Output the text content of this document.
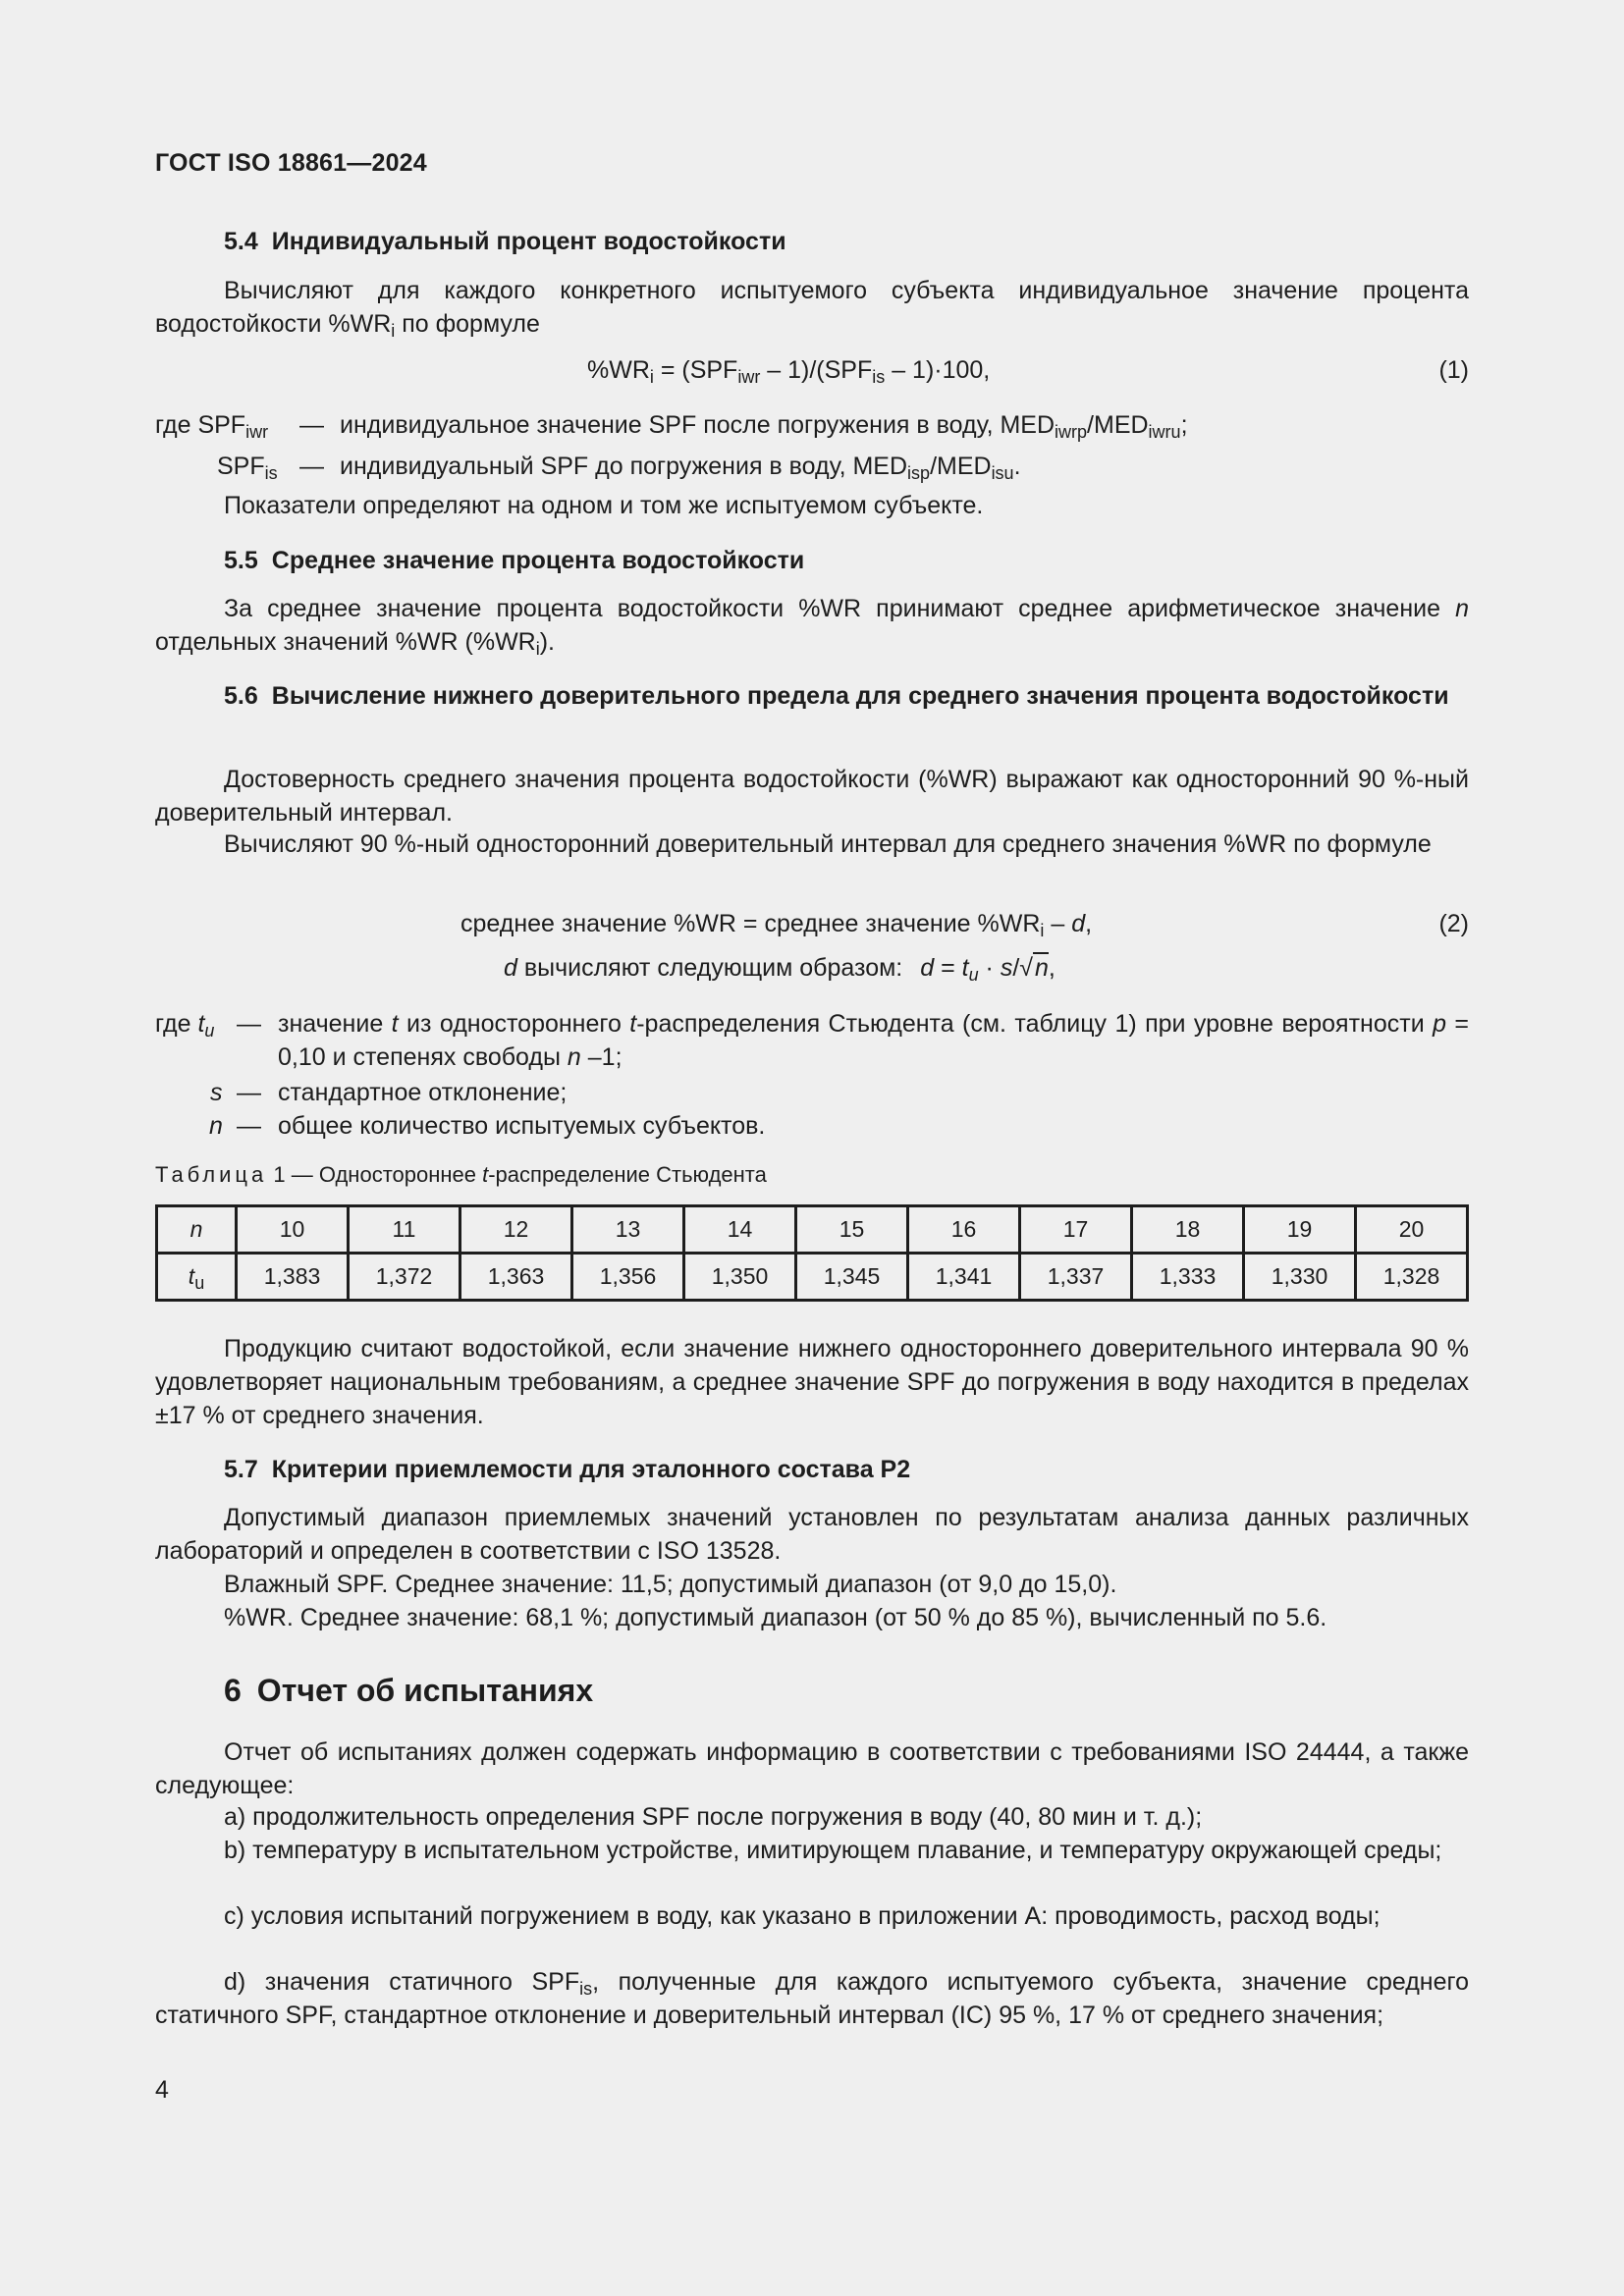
ГОСТ ISO 18861—2024
5.4 Индивидуальный процент водостойкости

Вычисляют для каждого конкретного испытуемого субъекта индивидуальное значение процента водостойкости $\%WR_i$ по формуле

$\%WR_i = (SPF_{iwr} - 1)/(SPF_{is} - 1)\cdot 100$,	(1)
где $SPF_{iwr}$ — индивидуальное значение SPF после погружения в воду, $MED_{iwrp}/MED_{iwru}$;
$SPF_{is}$ — индивидуальный SPF до погружения в воду, $MED_{isp}/MED_{isu}$.
Показатели определяют на одном и том же испытуемом субъекте.
5.5 Среднее значение процента водостойкости

За среднее значение процента водостойкости %WR принимают среднее арифметическое значение n отдельных значений %WR $(\%WR_i)$.

5.6 Вычисление нижнего доверительного предела для среднего значения процента водостойкости

Достоверность среднего значения процента водостойкости (%WR) выражают как односторонний 90 %-ный доверительный интервал.

Вычисляют 90 %-ный односторонний доверительный интервал для среднего значения %WR по формуле

среднее значение %WR = среднее значение $\%WR_i$ – d,	(2)
d вычисляют следующим образом: $d = t_u \cdot s/√n$,
где $t_u$ — значение t из одностороннего t-распределения Стьюдента (см. таблицу 1) при уровне вероятности p = 0,10 и степенях свободы n –1;
s — стандартное отклонение;
n — общее количество испытуемых субъектов.
Таблица 1 — Одностороннее t-распределение Стьюдента
n	10	11	12	13	14	15	16	17	18	19	20
$t_u$	1,383	1,372	1,363	1,356	1,350	1,345	1,341	1,337	1,333	1,330	1,328

Продукцию считают водостойкой, если значение нижнего одностороннего доверительного интервала 90 % удовлетворяет национальным требованиям, а среднее значение SPF до погружения в воду находится в пределах ±17 % от среднего значения.

5.7 Критерии приемлемости для эталонного состава P2

Допустимый диапазон приемлемых значений установлен по результатам анализа данных различных лабораторий и определен в соответствии с ISO 13528.

Влажный SPF. Среднее значение: 11,5; допустимый диапазон (от 9,0 до 15,0).
%WR. Среднее значение: 68,1 %; допустимый диапазон (от 50 % до 85 %), вычисленный по 5.6.
6 Отчет об испытаниях

Отчет об испытаниях должен содержать информацию в соответствии с требованиями ISO 24444, а также следующее:

a) продолжительность определения SPF после погружения в воду (40, 80 мин и т. д.);

b) температуру в испытательном устройстве, имитирующем плавание, и температуру окружающей среды;

c) условия испытаний погружением в воду, как указано в приложении А: проводимость, расход воды;

d) значения статичного $SPF_{is}$, полученные для каждого испытуемого субъекта, значение среднего статичного SPF, стандартное отклонение и доверительный интервал (IC) 95 %, 17 % от среднего значения;

4
